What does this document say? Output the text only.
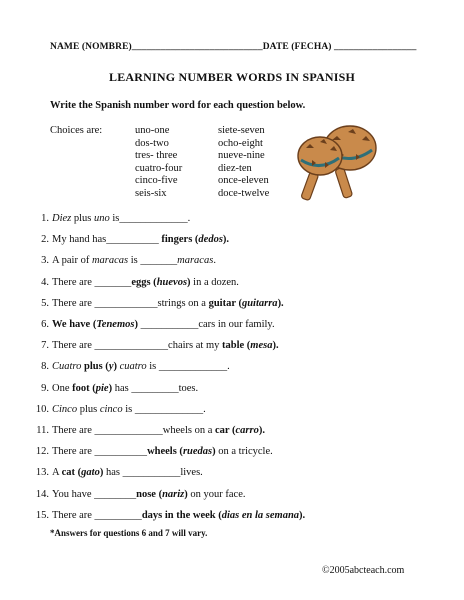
NAME (NOMBRE)___________________________DATE (FECHA) _________________
LEARNING NUMBER WORDS IN SPANISH
Write the Spanish number word for each question below.
Choices are:	uno-one
dos-two
tres- three
cuatro-four
cinco-five
seis-six
siete-seven
ocho-eight
nueve-nine
diez-ten
once-eleven
doce-twelve
1. Diez plus uno is_____________.
2. My hand has__________ fingers (dedos).
3. A pair of maracas is _______maracas.
4. There are _______eggs (huevos) in a dozen.
5. There are ____________strings on a guitar (guitarra).
6. We have (Tenemos) ___________cars in our family.
7. There are ______________chairs at my table (mesa).
8. Cuatro plus (y) cuatro is _____________.
9. One foot (pie) has _________toes.
10. Cinco plus cinco is _____________.
11. There are _____________wheels on a car (carro).
12. There are __________wheels (ruedas) on a tricycle.
13. A cat (gato) has ___________lives.
14. You have ________nose (nariz) on your face.
15. There are _________days in the week (dias en la semana).
*Answers for questions 6 and 7 will vary.
©2005abcteach.com
